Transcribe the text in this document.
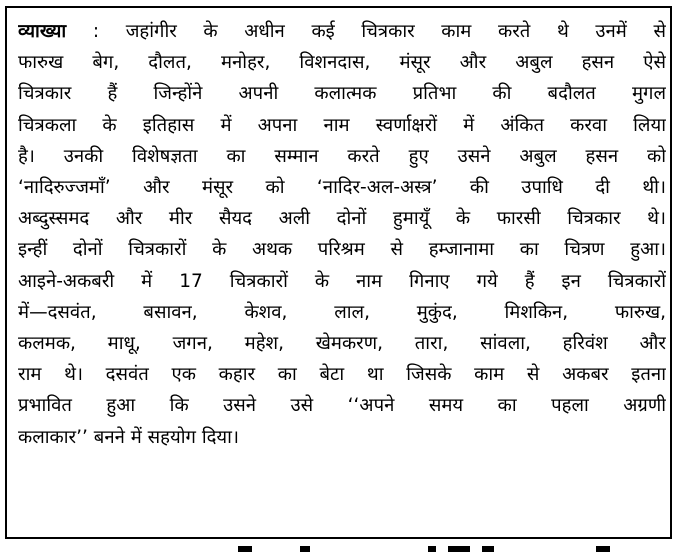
व्याख्या : जहांगीर के अधीन कई चित्रकार काम करते थे उनमें से
फारुख बेग, दौलत, मनोहर, विशनदास, मंसूर और अबुल हसन ऐसे
चित्रकार हैं जिन्होंने अपनी कलात्मक प्रतिभा की बदौलत मुगल
चित्रकला के इतिहास में अपना नाम स्वर्णाक्षरों में अंकित करवा लिया
है। उनकी विशेषज्ञता का सम्मान करते हुए उसने अबुल हसन को
‘नादिरुज्जमाँ’ और मंसूर को ‘नादिर-अल-अस्त्र’ की उपाधि दी थी।
अब्दुस्समद और मीर सैयद अली दोनों हुमायूँ के फारसी चित्रकार थे।
इन्हीं दोनों चित्रकारों के अथक परिश्रम से हम्जानामा का चित्रण हुआ।
आइने-अकबरी में 17 चित्रकारों के नाम गिनाए गये हैं इन चित्रकारों
में—दसवंत, बसावन, केशव, लाल, मुकुंद, मिशकिन, फारुख,
कलमक, माधू, जगन, महेश, खेमकरण, तारा, सांवला, हरिवंश और
राम थे। दसवंत एक कहार का बेटा था जिसके काम से अकबर इतना
प्रभावित हुआ कि उसने उसे ‘‘अपने समय का पहला अग्रणी
कलाकार’’ बनने में सहयोग दिया।
